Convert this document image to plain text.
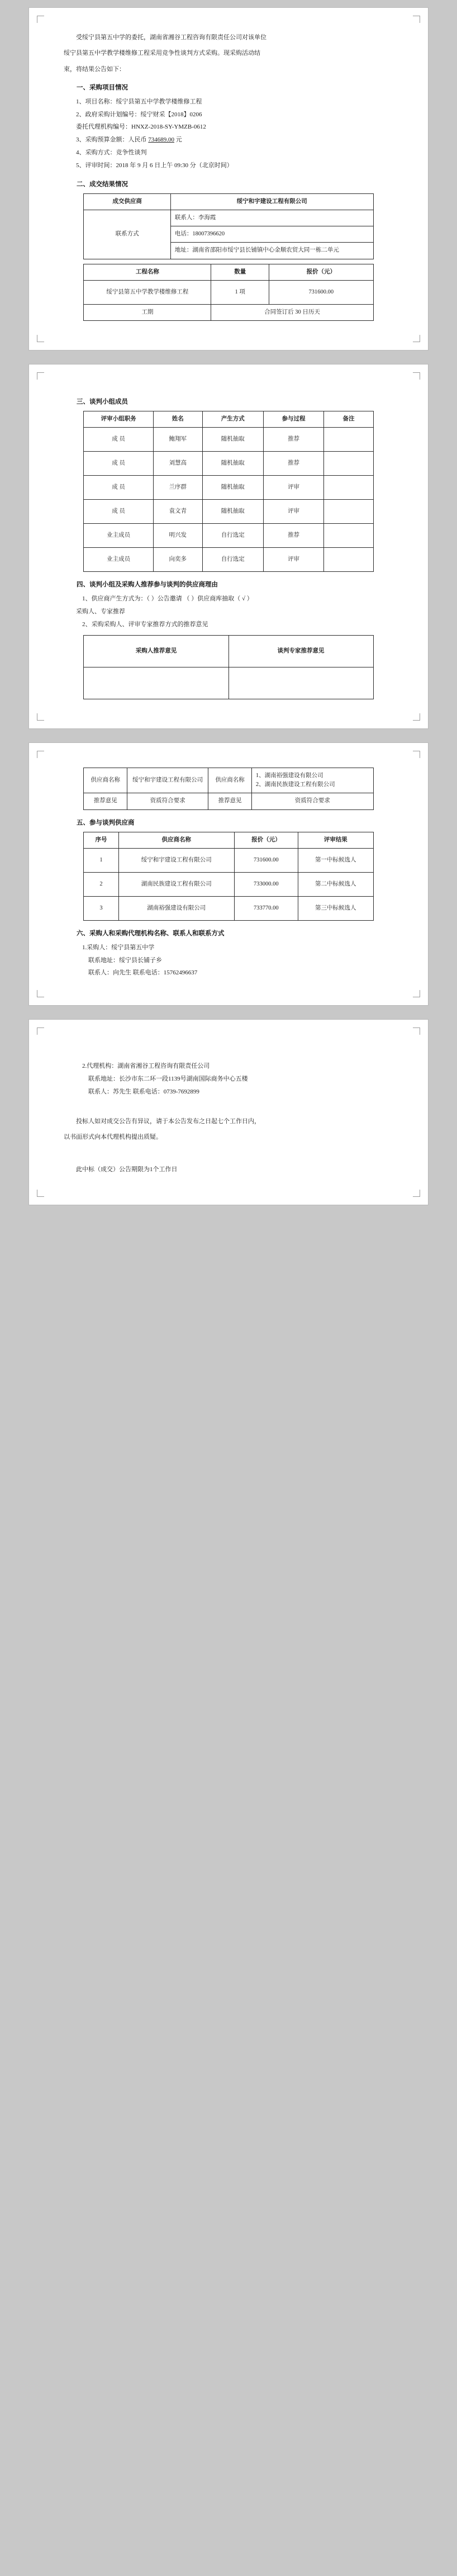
受绥宁县第五中学的委托，湖南省湘谷工程咨询有限责任公司对该单位

绥宁县第五中学教学楼维修工程采用竞争性谈判方式采购。现采购活动结

束，将结果公告如下：

一、采购项目情况
1、项目名称：绥宁县第五中学教学楼维修工程
2、政府采购计划编号：绥宁财采【2018】0206
委托代理机构编号：HNXZ-2018-SY-YMZB-0612
3、采购预算金额：人民币 734689.00 元
4、采购方式：竞争性谈判
5、评审时间：2018 年 9 月 6 日上午 09:30 分（北京时间）
二、成交结果情况
成交供应商	绥宁和宇建设工程有限公司
联系方式	联系人：李海霞
	电话：18007396620
	地址：湖南省邵阳市绥宁县长铺镇中心金顺农贸大同一栋二单元
工程名称	数量	报价（元）
绥宁县第五中学教学楼维修工程	1 项	731600.00
工期	合同签订后 30 日历天	
三、谈判小组成员
评审小组职务	姓名	产生方式	参与过程	备注
成 员	鲍翔军	随机抽取	推荐	
成 员	刘慧高	随机抽取	推荐	
成 员	兰序群	随机抽取	评审	
成 员	袁文青	随机抽取	评审	
业主成员	明兴发	自行选定	推荐	
业主成员	向奕多	自行选定	评审	
四、谈判小组及采购人推荐参与谈判的供应商理由
1、供应商产生方式为：（ ）公告邀请 （ ）供应商库抽取（ √ ）
采购人、专家推荐
2、采购采购人、评审专家推荐方式的推荐意见
采购人推荐意见	谈判专家推荐意见

供应商名称	绥宁和宇建设工程有限公司	供应商名称	1、湖南裕强建设有限公司
2、湖南民族建设工程有限公司
推荐意见	资质符合要求	推荐意见	资质符合要求
五、参与谈判供应商
序号	供应商名称	报价（元）	评审结果
1	绥宁和宇建设工程有限公司	731600.00	第一中标候选人
2	湖南民族建设工程有限公司	733000.00	第二中标候选人
3	湖南裕强建设有限公司	733770.00	第三中标候选人
六、采购人和采购代理机构名称、联系人和联系方式
1.采购人：绥宁县第五中学
联系地址：绥宁县长铺子乡
联系人：向先生 联系电话：15762496637
2.代理机构：湖南省湘谷工程咨询有限责任公司
联系地址：长沙市东二环一段1139号湖南国际商务中心五楼
联系人：苏先生 联系电话：0739-7692899

投标人如对成交公告有异议，请于本公告发布之日起七个工作日内，

以书面形式向本代理机构提出质疑。

此中标（成交）公告期限为1个工作日
